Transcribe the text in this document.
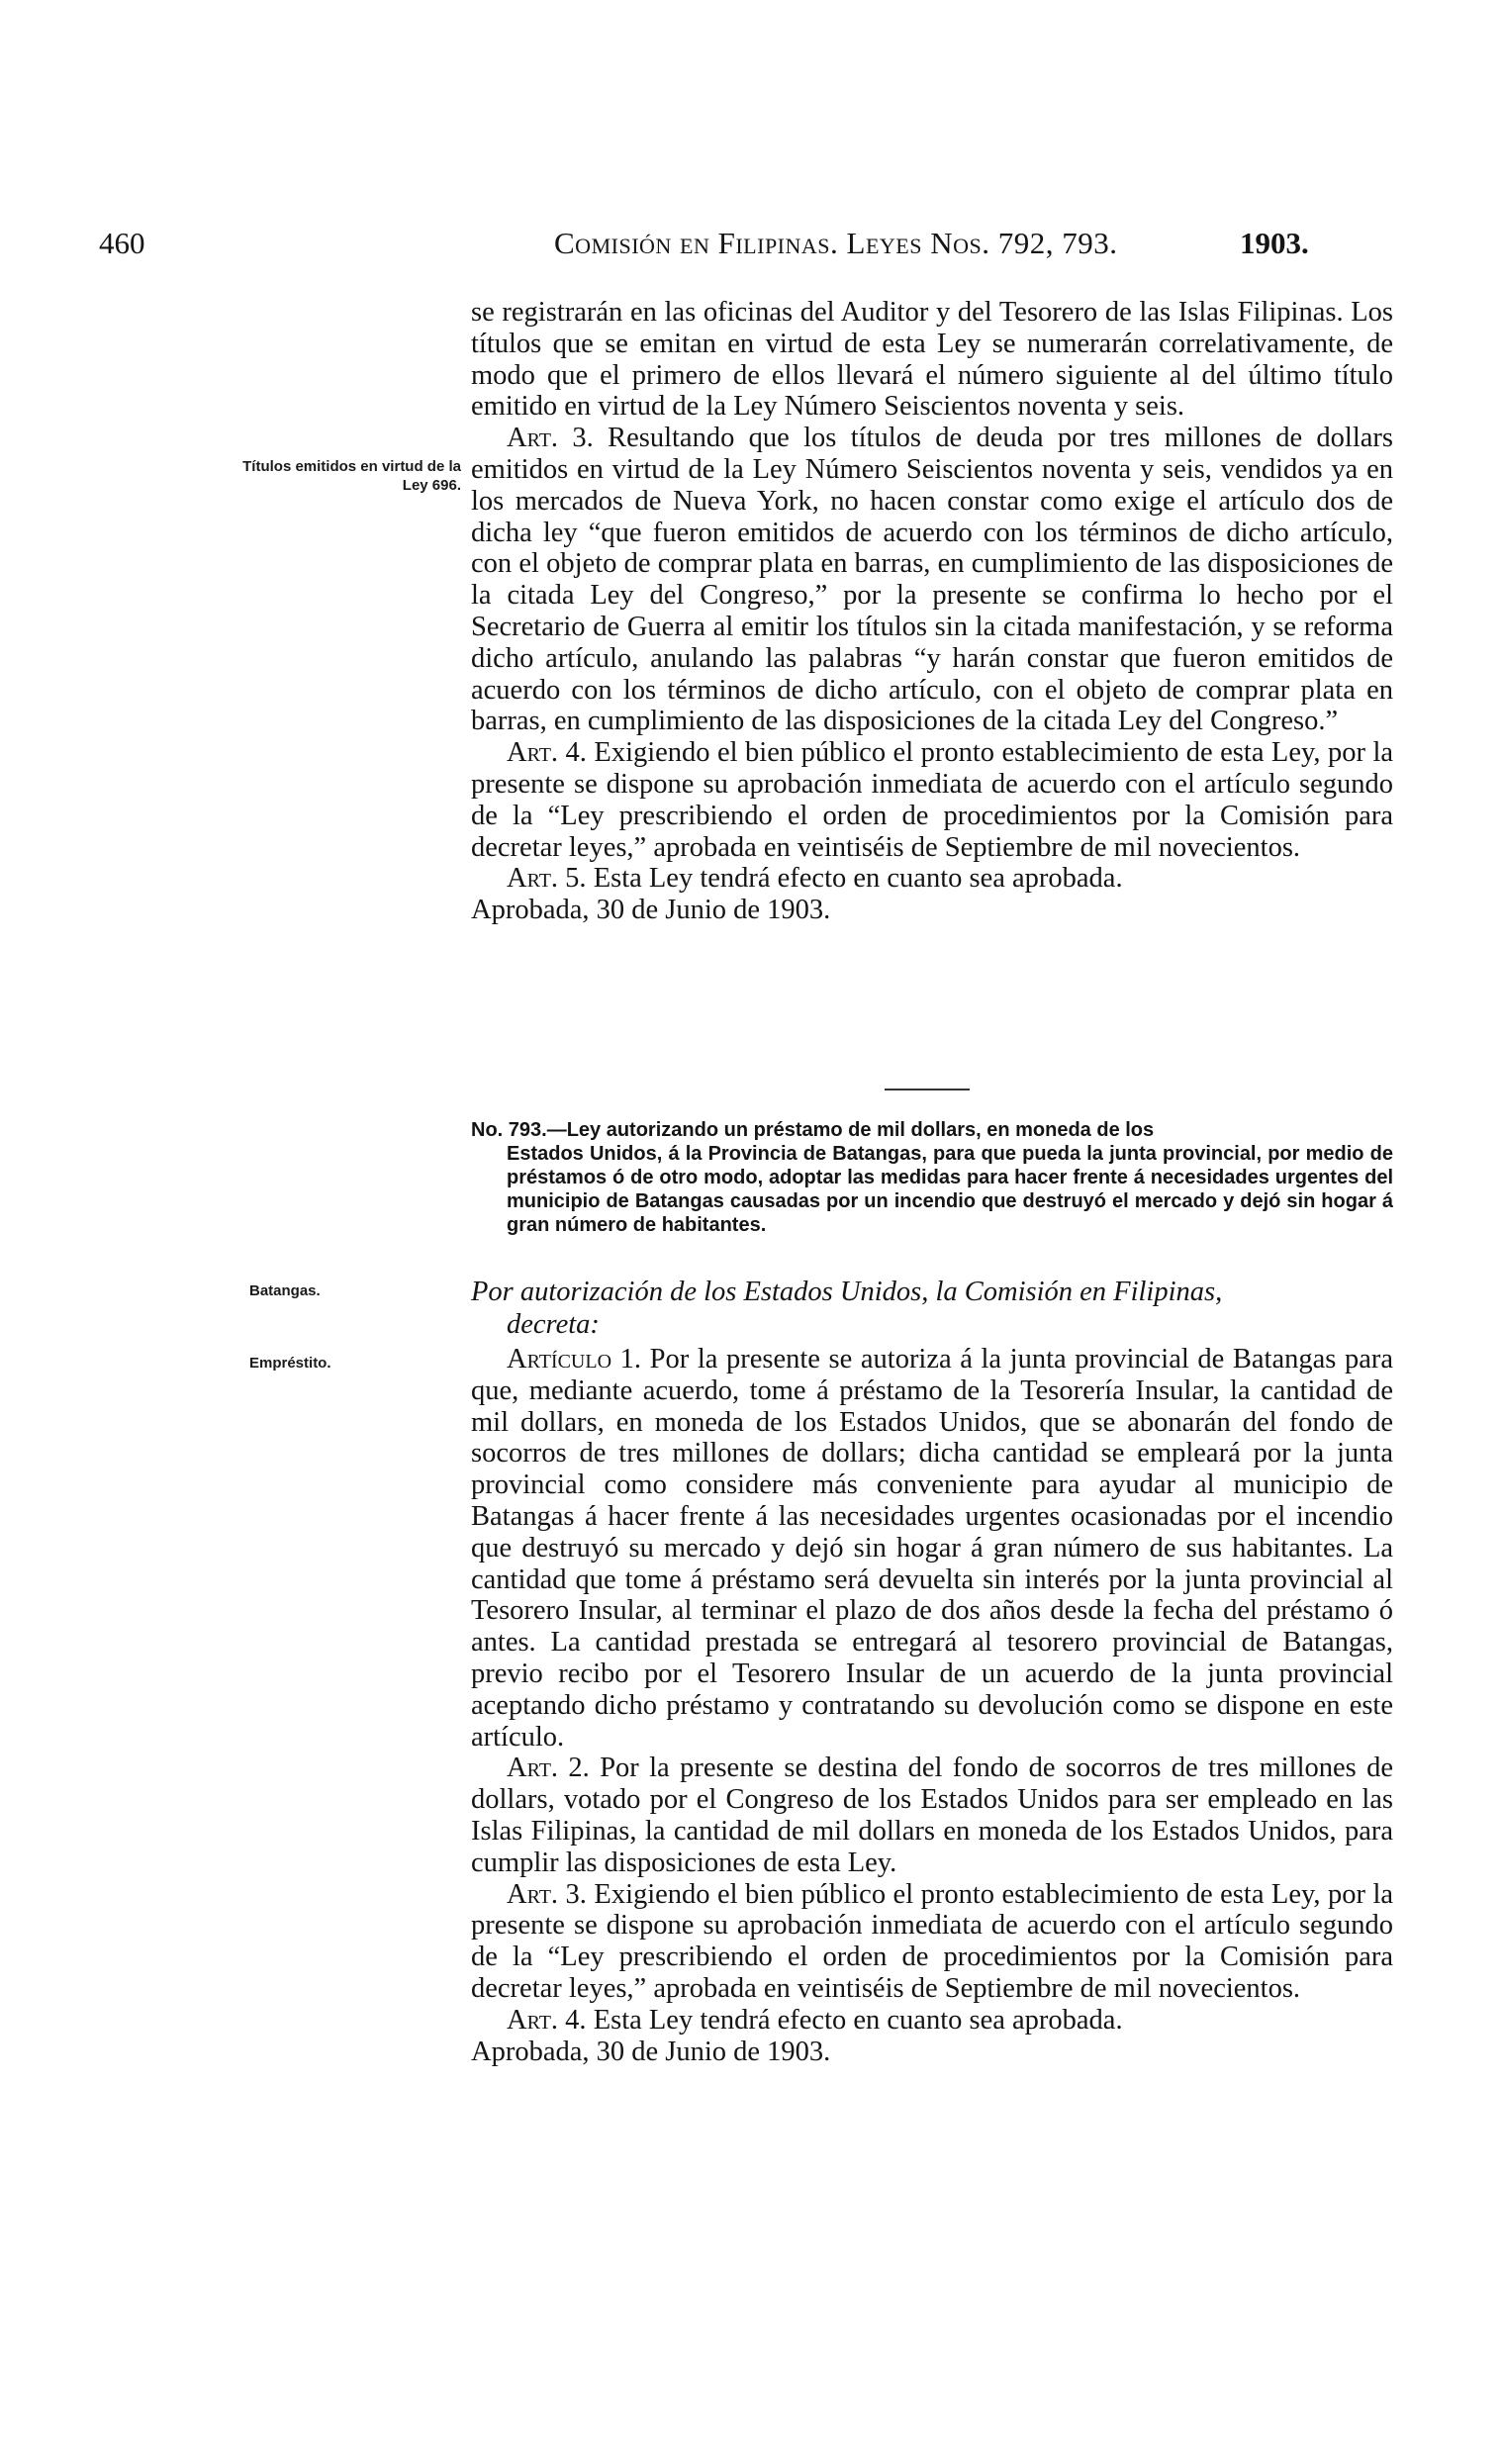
460	Comisión en Filipinas. Leyes Nos. 792, 793.	1903.
Títulos emitidos en virtud de la Ley 696.
Batangas.
Empréstito.

se registrarán en las oficinas del Auditor y del Tesorero de las Islas Filipinas. Los títulos que se emitan en virtud de esta Ley se numerarán correlativamente, de modo que el primero de ellos llevará el número siguiente al del último título emitido en virtud de la Ley Número Seiscientos noventa y seis.

Art. 3. Resultando que los títulos de deuda por tres millones de dollars emitidos en virtud de la Ley Número Seiscientos noventa y seis, vendidos ya en los mercados de Nueva York, no hacen constar como exige el artículo dos de dicha ley “que fueron emitidos de acuerdo con los términos de dicho artículo, con el objeto de comprar plata en barras, en cumplimiento de las disposiciones de la citada Ley del Congreso,” por la presente se confirma lo hecho por el Secretario de Guerra al emitir los títulos sin la citada manifestación, y se reforma dicho artículo, anulando las palabras “y harán constar que fueron emitidos de acuerdo con los términos de dicho artículo, con el objeto de comprar plata en barras, en cumplimiento de las disposiciones de la citada Ley del Congreso.”

Art. 4. Exigiendo el bien público el pronto establecimiento de esta Ley, por la presente se dispone su aprobación inmediata de acuerdo con el artículo segundo de la “Ley prescribiendo el orden de procedimientos por la Comisión para decretar leyes,” aprobada en veintiséis de Septiembre de mil novecientos.

Art. 5. Esta Ley tendrá efecto en cuanto sea aprobada.

Aprobada, 30 de Junio de 1903.

No. 793.—Ley autorizando un préstamo de mil dollars, en moneda de los

Estados Unidos, á la Provincia de Batangas, para que pueda la junta provincial, por medio de préstamos ó de otro modo, adoptar las medidas para hacer frente á necesidades urgentes del municipio de Batangas causadas por un incendio que destruyó el mercado y dejó sin hogar á gran número de habitantes.

Por autorización de los Estados Unidos, la Comisión en Filipinas,
decreta:

Artículo 1. Por la presente se autoriza á la junta provincial de Batangas para que, mediante acuerdo, tome á préstamo de la Tesorería Insular, la cantidad de mil dollars, en moneda de los Estados Unidos, que se abonarán del fondo de socorros de tres millones de dollars; dicha cantidad se empleará por la junta provincial como considere más conveniente para ayudar al municipio de Batangas á hacer frente á las necesidades urgentes ocasionadas por el incendio que destruyó su mercado y dejó sin hogar á gran número de sus habitantes. La cantidad que tome á préstamo será devuelta sin interés por la junta provincial al Tesorero Insular, al terminar el plazo de dos años desde la fecha del préstamo ó antes. La cantidad prestada se entregará al tesorero provincial de Batangas, previo recibo por el Tesorero Insular de un acuerdo de la junta provincial aceptando dicho préstamo y contratando su devolución como se dispone en este artículo.

Art. 2. Por la presente se destina del fondo de socorros de tres millones de dollars, votado por el Congreso de los Estados Unidos para ser empleado en las Islas Filipinas, la cantidad de mil dollars en moneda de los Estados Unidos, para cumplir las disposiciones de esta Ley.

Art. 3. Exigiendo el bien público el pronto establecimiento de esta Ley, por la presente se dispone su aprobación inmediata de acuerdo con el artículo segundo de la “Ley prescribiendo el orden de procedimientos por la Comisión para decretar leyes,” aprobada en veintiséis de Septiembre de mil novecientos.

Art. 4. Esta Ley tendrá efecto en cuanto sea aprobada.

Aprobada, 30 de Junio de 1903.
